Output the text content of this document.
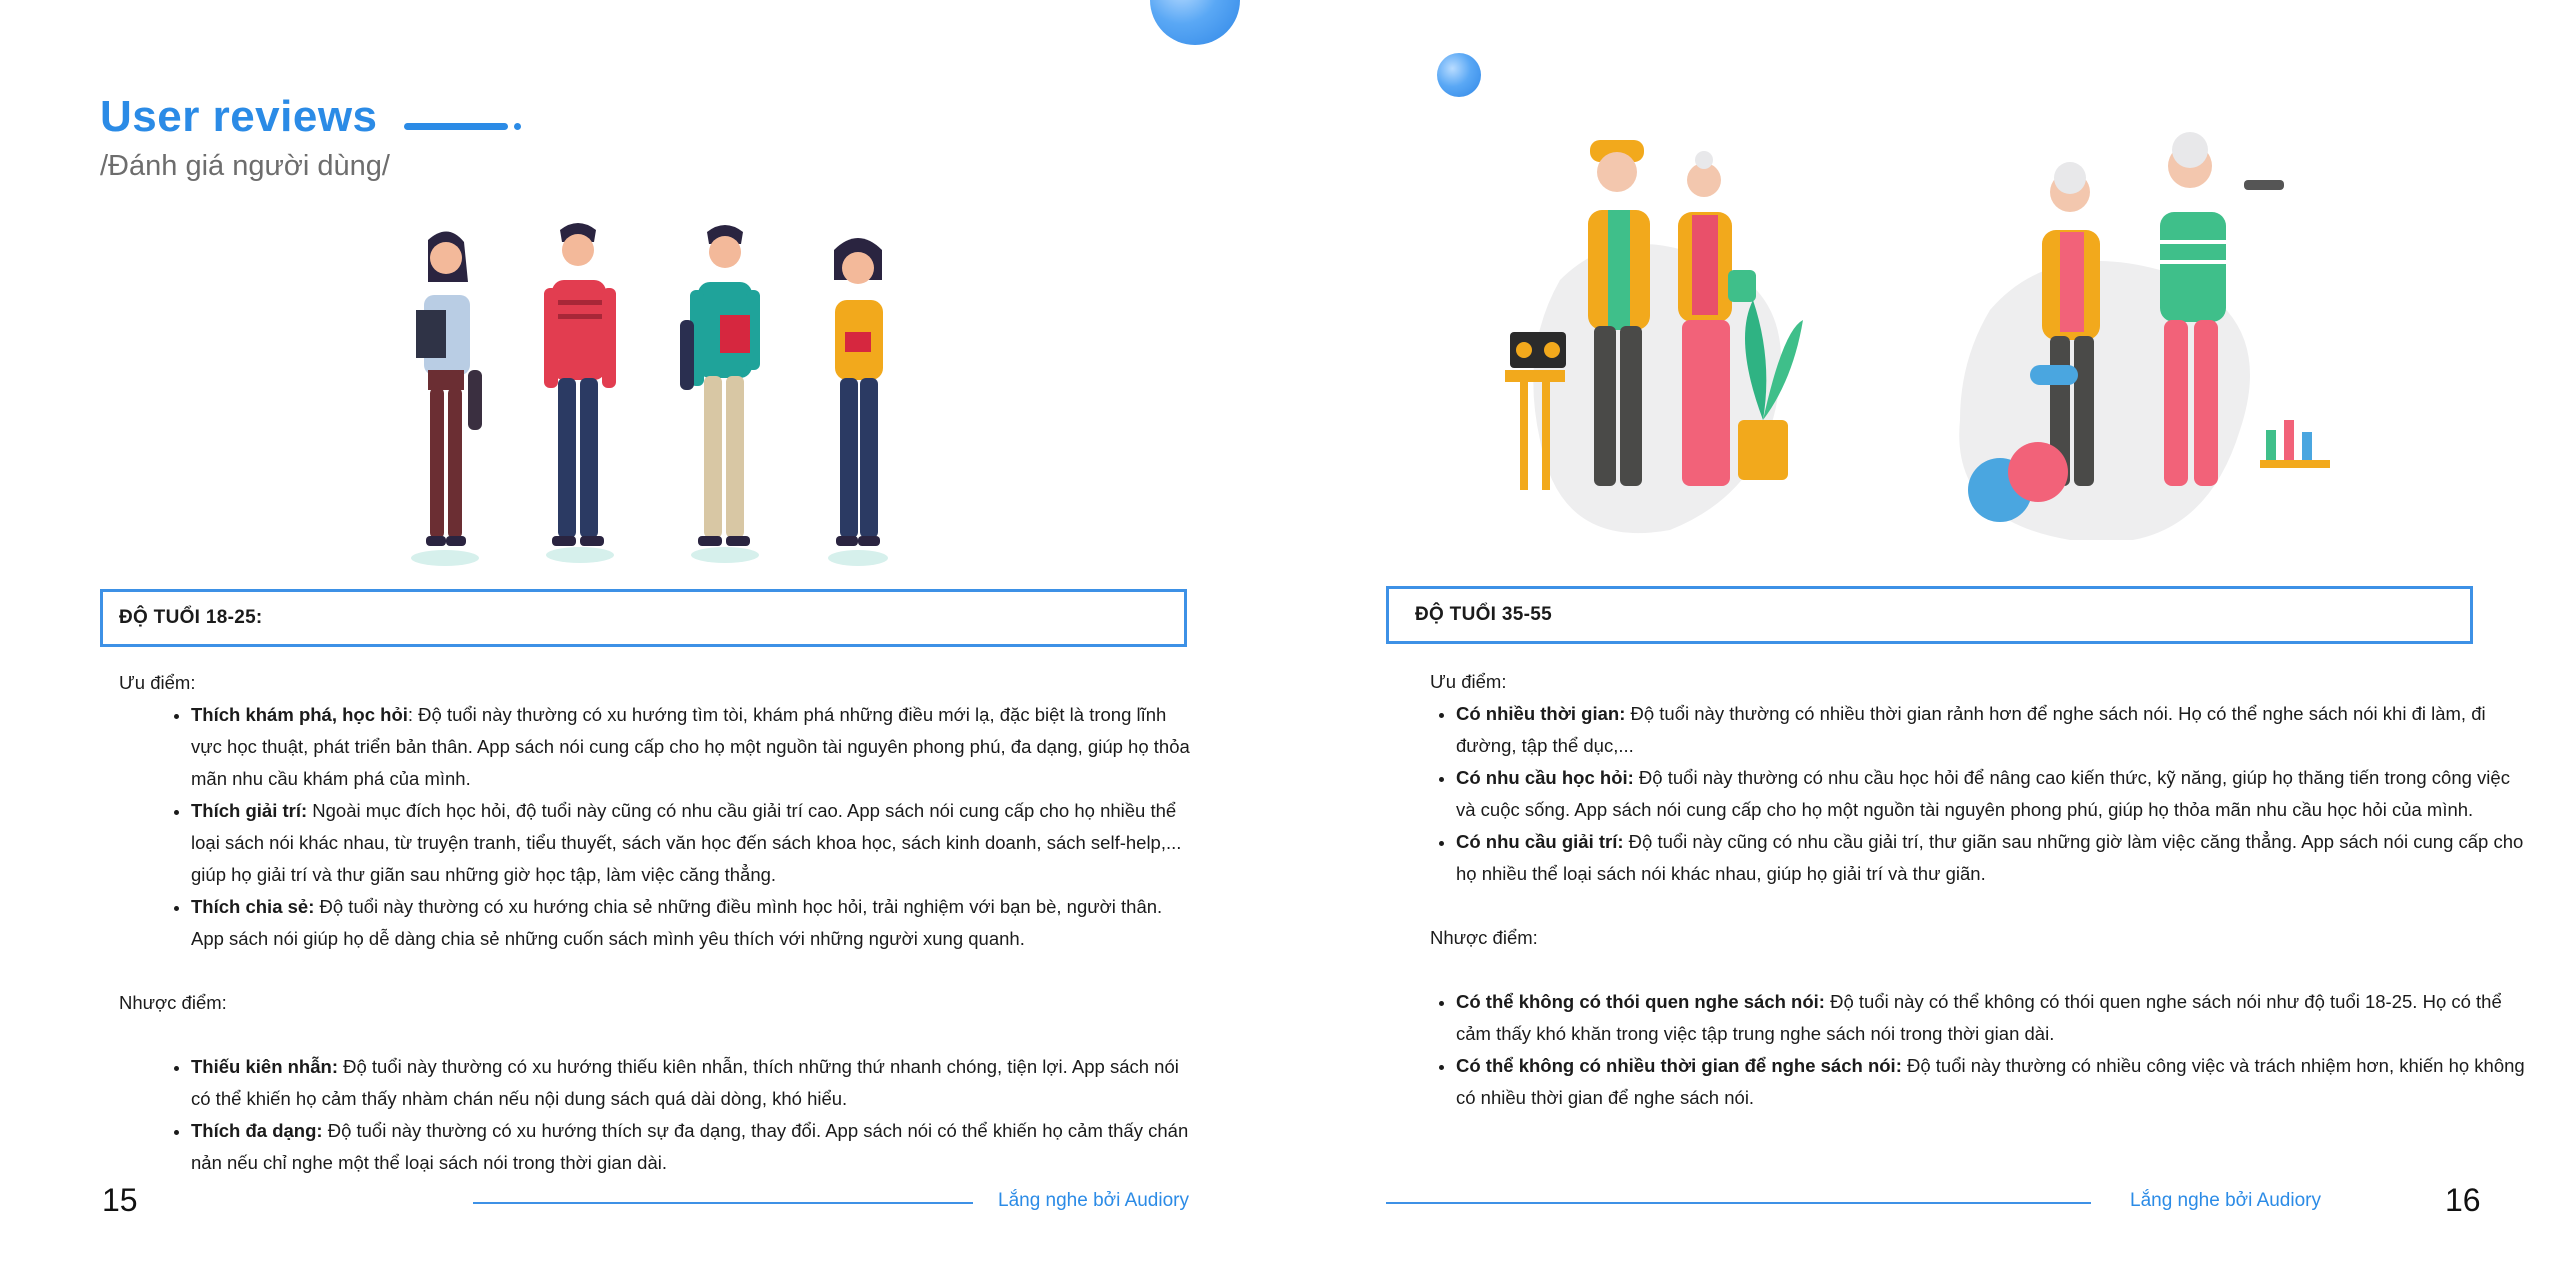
User reviews
/Đánh giá người dùng/
ĐỘ TUỔI 18-25:

Ưu điểm:

• Thích khám phá, học hỏi: Độ tuổi này thường có xu hướng tìm tòi, khám phá những điều mới lạ, đặc biệt là trong lĩnh vực học thuật, phát triển bản thân. App sách nói cung cấp cho họ một nguồn tài nguyên phong phú, đa dạng, giúp họ thỏa mãn nhu cầu khám phá của mình.
• Thích giải trí: Ngoài mục đích học hỏi, độ tuổi này cũng có nhu cầu giải trí cao. App sách nói cung cấp cho họ nhiều thể loại sách nói khác nhau, từ truyện tranh, tiểu thuyết, sách văn học đến sách khoa học, sách kinh doanh, sách self-help,... giúp họ giải trí và thư giãn sau những giờ học tập, làm việc căng thẳng.
• Thích chia sẻ: Độ tuổi này thường có xu hướng chia sẻ những điều mình học hỏi, trải nghiệm với bạn bè, người thân. App sách nói giúp họ dễ dàng chia sẻ những cuốn sách mình yêu thích với những người xung quanh.

Nhược điểm:

• Thiếu kiên nhẫn: Độ tuổi này thường có xu hướng thiếu kiên nhẫn, thích những thứ nhanh chóng, tiện lợi. App sách nói có thể khiến họ cảm thấy nhàm chán nếu nội dung sách quá dài dòng, khó hiểu.
• Thích đa dạng: Độ tuổi này thường có xu hướng thích sự đa dạng, thay đổi. App sách nói có thể khiến họ cảm thấy chán nản nếu chỉ nghe một thể loại sách nói trong thời gian dài.
15	Lắng nghe bởi Audiory
ĐỘ TUỔI 35-55

Ưu điểm:

• Có nhiều thời gian: Độ tuổi này thường có nhiều thời gian rảnh hơn để nghe sách nói. Họ có thể nghe sách nói khi đi làm, đi đường, tập thể dục,...
• Có nhu cầu học hỏi: Độ tuổi này thường có nhu cầu học hỏi để nâng cao kiến thức, kỹ năng, giúp họ thăng tiến trong công việc và cuộc sống. App sách nói cung cấp cho họ một nguồn tài nguyên phong phú, giúp họ thỏa mãn nhu cầu học hỏi của mình.
• Có nhu cầu giải trí: Độ tuổi này cũng có nhu cầu giải trí, thư giãn sau những giờ làm việc căng thẳng. App sách nói cung cấp cho họ nhiều thể loại sách nói khác nhau, giúp họ giải trí và thư giãn.

Nhược điểm:

• Có thể không có thói quen nghe sách nói: Độ tuổi này có thể không có thói quen nghe sách nói như độ tuổi 18-25. Họ có thể cảm thấy khó khăn trong việc tập trung nghe sách nói trong thời gian dài.
• Có thể không có nhiều thời gian để nghe sách nói: Độ tuổi này thường có nhiều công việc và trách nhiệm hơn, khiến họ không có nhiều thời gian để nghe sách nói.
Lắng nghe bởi Audiory	16
